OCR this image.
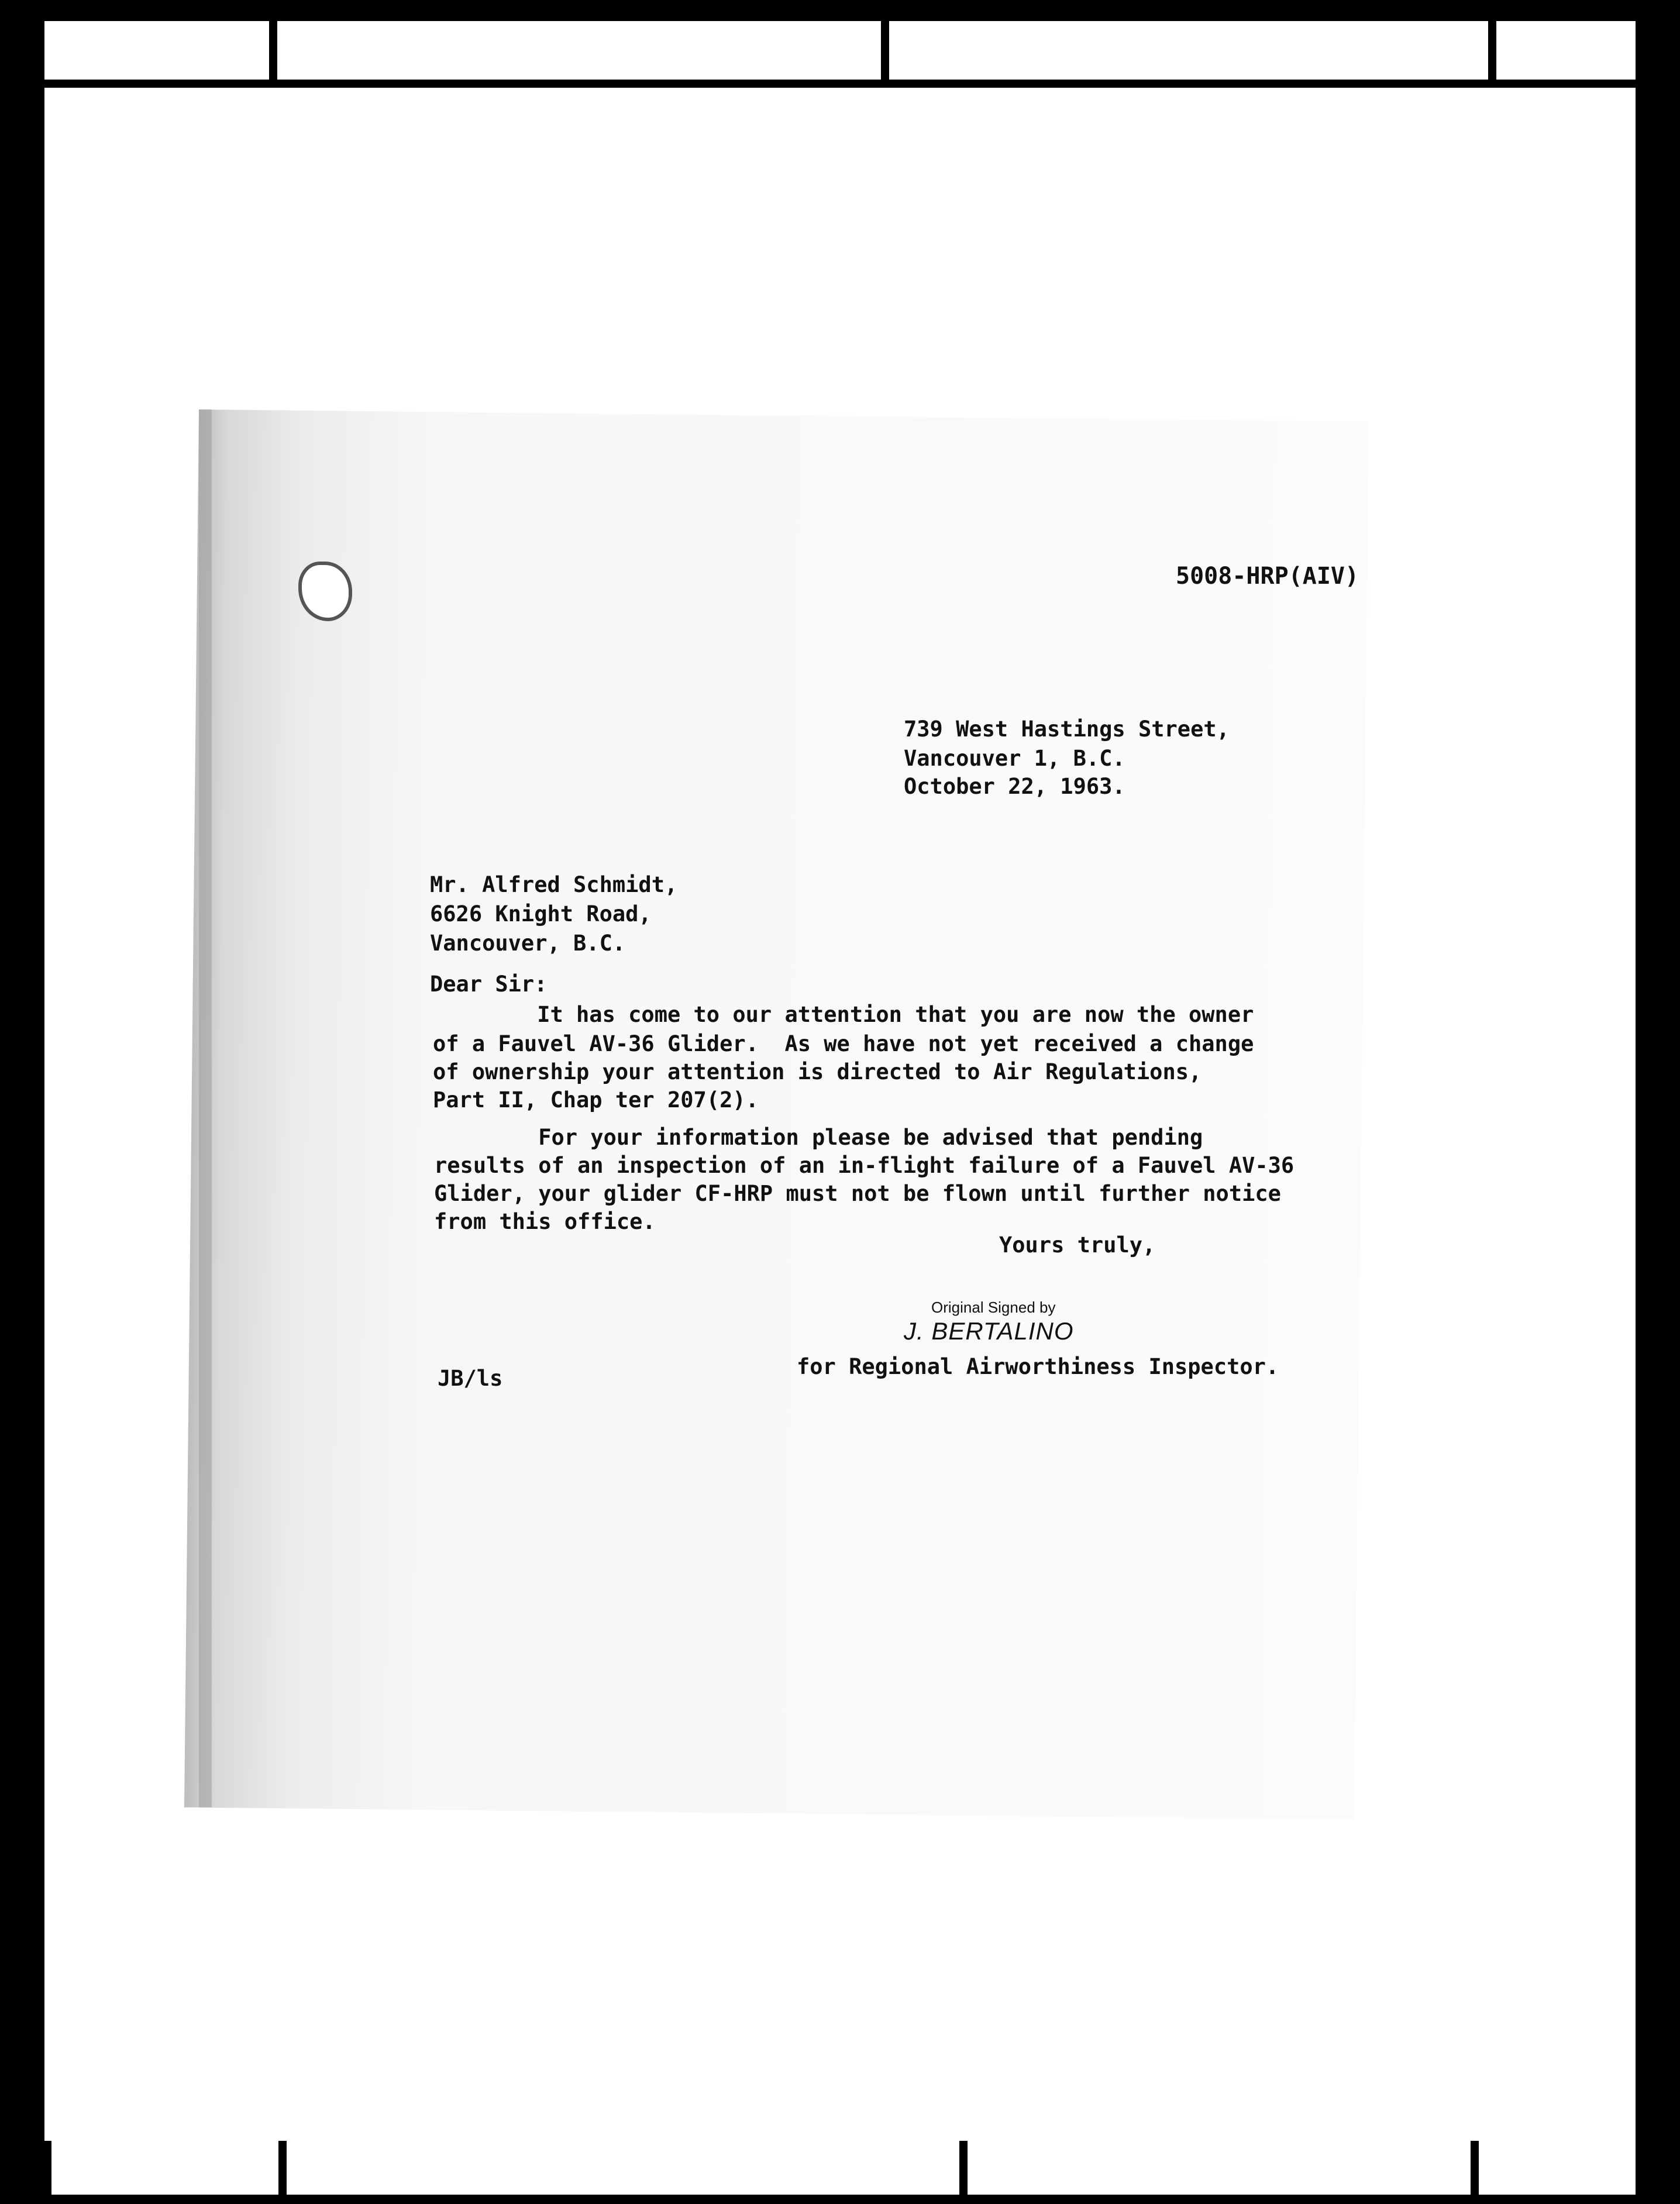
5008-HRP(AIV)
739 West Hastings Street,
Vancouver 1, B.C.
October 22, 1963.
Mr. Alfred Schmidt,
6626 Knight Road,
Vancouver, B.C.
Dear Sir:
It has come to our attention that you are now the owner
of a Fauvel AV-36 Glider.  As we have not yet received a change
of ownership your attention is directed to Air Regulations,
Part II, Chap ter 207(2).
For your information please be advised that pending
results of an inspection of an in-flight failure of a Fauvel AV-36
Glider, your glider CF-HRP must not be flown until further notice
from this office.
Yours truly,
Original Signed by
J. BERTALINO
for Regional Airworthiness Inspector.
JB/ls
